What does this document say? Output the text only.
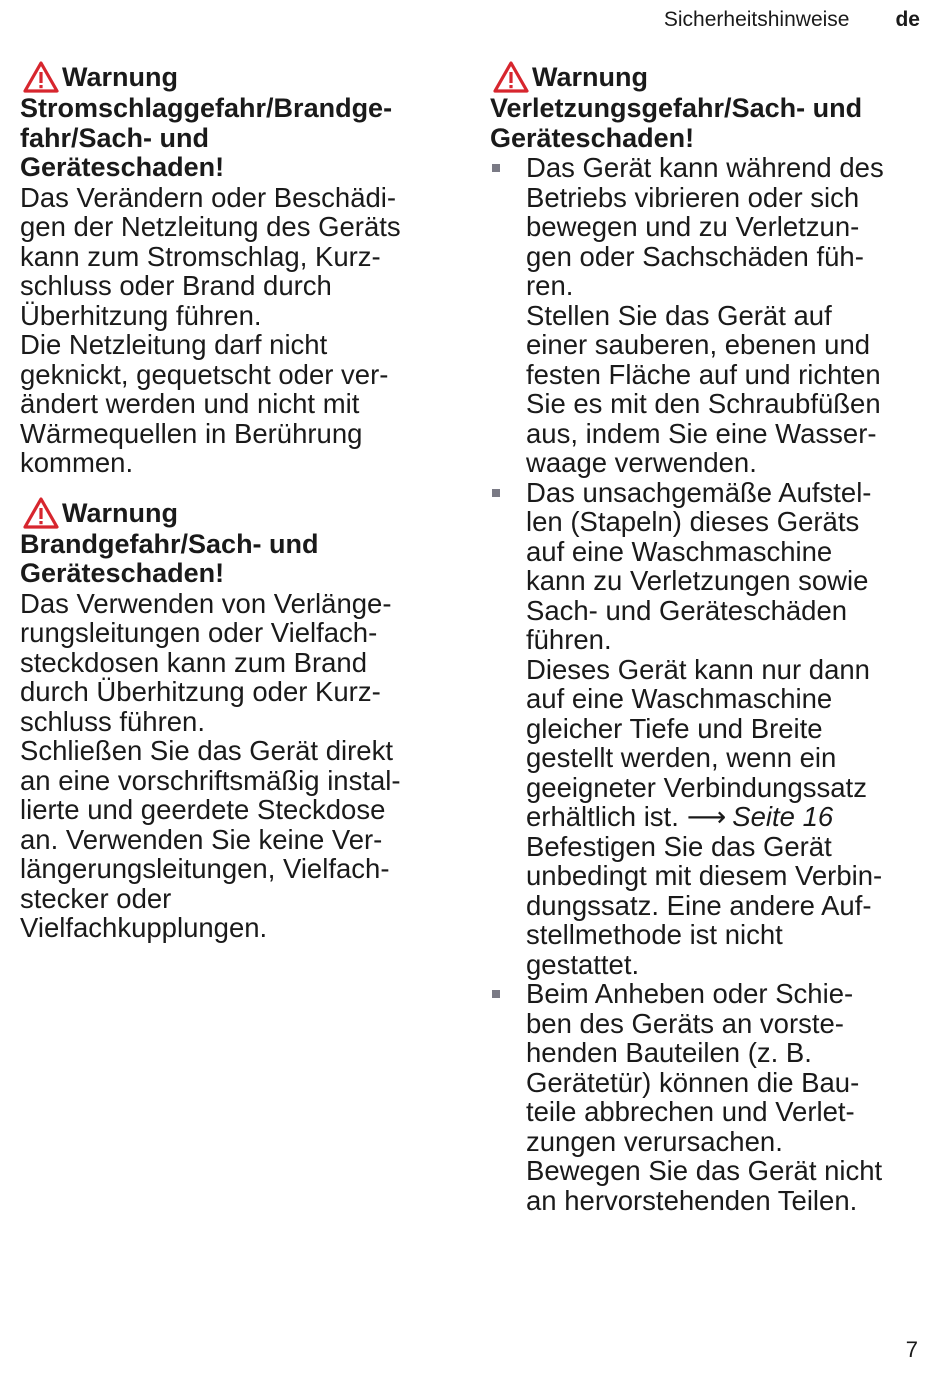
Sicherheitshinweise de
Warnung
Stromschlaggefahr/Brandge-
fahr/Sach- und
Geräteschaden!
Das Verändern oder Beschädi-
gen der Netzleitung des Geräts
kann zum Stromschlag, Kurz-
schluss oder Brand durch
Überhitzung führen.
Die Netzleitung darf nicht
geknickt, gequetscht oder ver-
ändert werden und nicht mit
Wärmequellen in Berührung
kommen.
Warnung
Brandgefahr/Sach- und
Geräteschaden!
Das Verwenden von Verlänge-
rungsleitungen oder Vielfach-
steckdosen kann zum Brand
durch Überhitzung oder Kurz-
schluss führen.
Schließen Sie das Gerät direkt
an eine vorschriftsmäßig instal-
lierte und geerdete Steckdose
an. Verwenden Sie keine Ver-
längerungsleitungen, Vielfach-
stecker oder
Vielfachkupplungen.
Warnung
Verletzungsgefahr/Sach- und
Geräteschaden!
Das Gerät kann während des
Betriebs vibrieren oder sich
bewegen und zu Verletzun-
gen oder Sachschäden füh-
ren.
Stellen Sie das Gerät auf
einer sauberen, ebenen und
festen Fläche auf und richten
Sie es mit den Schraubfüßen
aus, indem Sie eine Wasser-
waage verwenden.
Das unsachgemäße Aufstel-
len (Stapeln) dieses Geräts
auf eine Waschmaschine
kann zu Verletzungen sowie
Sach- und Geräteschäden
führen.
Dieses Gerät kann nur dann
auf eine Waschmaschine
gleicher Tiefe und Breite
gestellt werden, wenn ein
geeigneter Verbindungssatz
erhältlich ist. ⟶ Seite 16
Befestigen Sie das Gerät
unbedingt mit diesem Verbin-
dungssatz. Eine andere Auf-
stellmethode ist nicht
gestattet.
Beim Anheben oder Schie-
ben des Geräts an vorste-
henden Bauteilen (z. B.
Gerätetür) können die Bau-
teile abbrechen und Verlet-
zungen verursachen.
Bewegen Sie das Gerät nicht
an hervorstehenden Teilen.
7
